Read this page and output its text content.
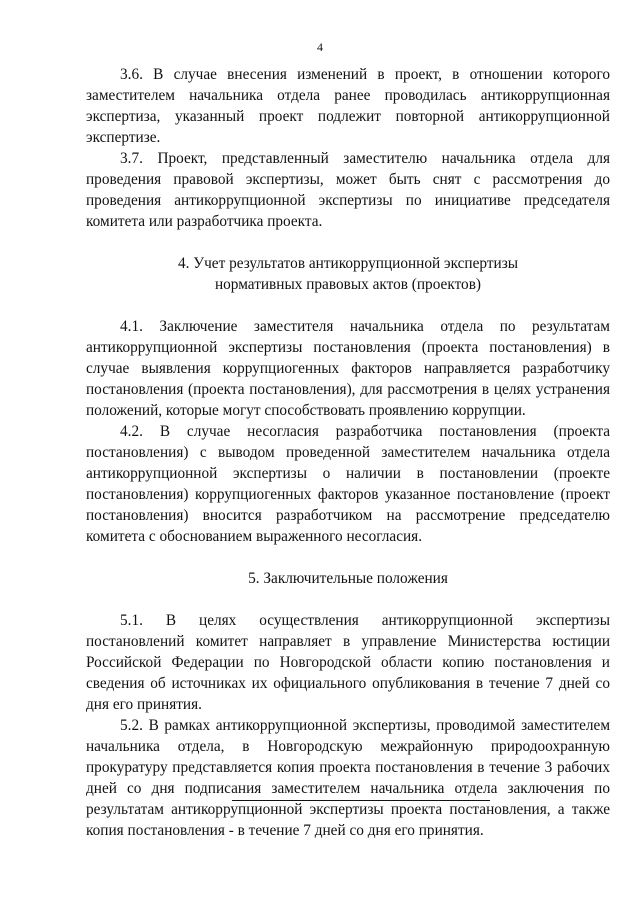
4

3.6. В случае внесения изменений в проект, в отношении которого заместителем начальника отдела ранее проводилась антикоррупционная экспертиза, указанный проект подлежит повторной антикоррупционной экспертизе.

3.7. Проект, представленный заместителю начальника отдела для проведения правовой экспертизы, может быть снят с рассмотрения до проведения антикоррупционной экспертизы по инициативе председателя комитета или разработчика проекта.

4. Учет результатов антикоррупционной экспертизы
нормативных правовых актов (проектов)

4.1. Заключение заместителя начальника отдела по результатам антикоррупционной экспертизы постановления (проекта постановления) в случае выявления коррупциогенных факторов направляется разработчику постановления (проекта постановления), для рассмотрения в целях устранения положений, которые могут способствовать проявлению коррупции.

4.2. В случае несогласия разработчика постановления (проекта постановления) с выводом проведенной заместителем начальника отдела антикоррупционной экспертизы о наличии в постановлении (проекте постановления) коррупциогенных факторов указанное постановление (проект постановления) вносится разработчиком на рассмотрение председателю комитета с обоснованием выраженного несогласия.

5. Заключительные положения

5.1. В целях осуществления антикоррупционной экспертизы постановлений комитет направляет в управление Министерства юстиции Российской Федерации по Новгородской области копию постановления и сведения об источниках их официального опубликования в течение 7 дней со дня его принятия.

5.2. В рамках антикоррупционной экспертизы, проводимой заместителем начальника отдела, в Новгородскую межрайонную природоохранную прокуратуру представляется копия проекта постановления в течение 3 рабочих дней со дня подписания заместителем начальника отдела заключения по результатам антикоррупционной экспертизы проекта постановления, а также копия постановления - в течение 7 дней со дня его принятия.
